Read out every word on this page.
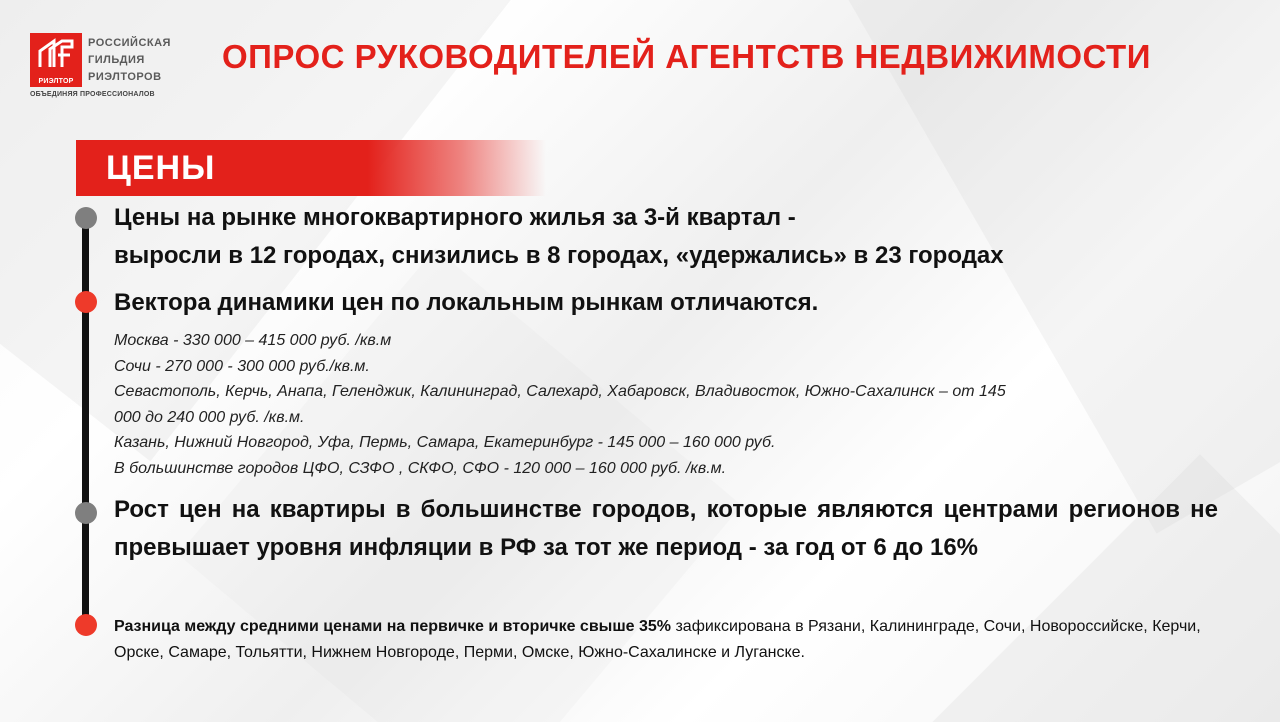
РИЭЛТОР
РОССИЙСКАЯ
ГИЛЬДИЯ
РИЭЛТОРОВ
ОБЪЕДИНЯЯ ПРОФЕССИОНАЛОВ
ОПРОС РУКОВОДИТЕЛЕЙ АГЕНТСТВ НЕДВИЖИМОСТИ
ЦЕНЫ
Цены на рынке многоквартирного жилья за 3-й квартал -
выросли в 12 городах, снизились в 8 городах, «удержались» в 23 городах
Вектора динамики цен по локальным рынкам отличаются.
Москва - 330 000 – 415 000 руб. /кв.м
Сочи - 270 000 - 300 000 руб./кв.м.
Севастополь, Керчь, Анапа, Геленджик, Калининград, Салехард, Хабаровск, Владивосток, Южно-Сахалинск – от 145
000 до 240 000 руб. /кв.м.
Казань, Нижний Новгород, Уфа, Пермь, Самара, Екатеринбург - 145 000 – 160 000 руб.
В большинстве городов ЦФО, СЗФО , СКФО, СФО - 120 000 – 160 000 руб. /кв.м.
Рост цен на квартиры в большинстве городов, которые являются центрами регионов не превышает уровня инфляции в РФ за тот же период - за год от 6 до 16%
Разница между средними ценами на первичке и вторичке свыше 35% зафиксирована в Рязани, Калининграде, Сочи, Новороссийске, Керчи, Орске, Самаре, Тольятти, Нижнем Новгороде, Перми, Омске, Южно-Сахалинске и Луганске.
